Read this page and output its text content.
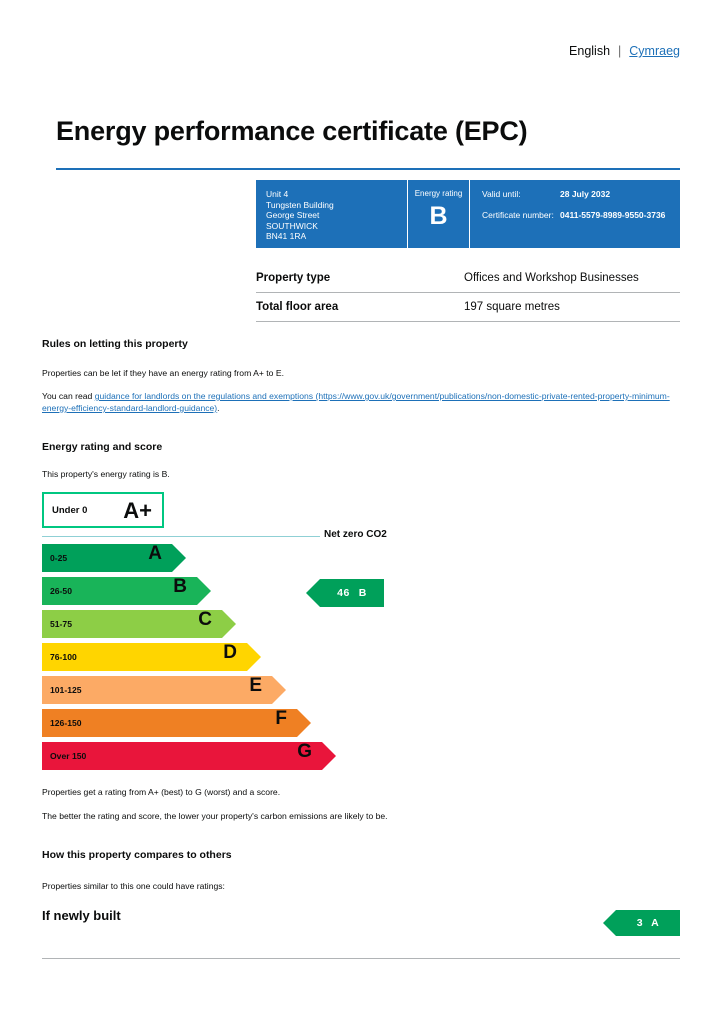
English | Cymraeg
Energy performance certificate (EPC)
Unit 4
Tungsten Building
George Street
SOUTHWICK
BN41 1RA
Energy rating
B
Valid until:	28 July 2032
Certificate number: 0411-5579-8989-9550-3736
Property type	Offices and Workshop Businesses
Total floor area	197 square metres
Rules on letting this property
Properties can be let if they have an energy rating from A+ to E.
You can read guidance for landlords on the regulations and exemptions (https://www.gov.uk/government/publications/non-domestic-private-rented-property-minimum-energy-efficiency-standard-landlord-guidance).
Energy rating and score
This property's energy rating is B.
Under 0 A+
Net zero CO2
0-25	A
26-50	B
51-75	C
76-100	D
101-125	E
126-150	F
Over 150	G
46 B
Properties get a rating from A+ (best) to G (worst) and a score.
The better the rating and score, the lower your property's carbon emissions are likely to be.
How this property compares to others
Properties similar to this one could have ratings:
If newly built	3 A
